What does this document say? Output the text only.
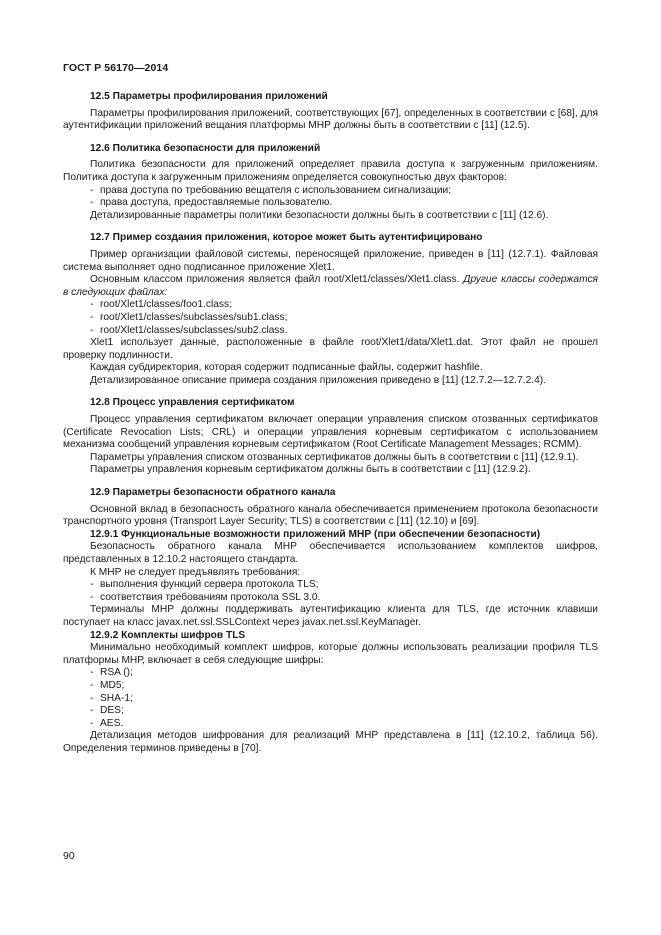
ГОСТ Р 56170—2014
12.5 Параметры профилирования приложений

Параметры профилирования приложений, соответствующих [67], определенных в соответствии с [68], для аутентификации приложений вещания платформы МНР должны быть в соответствии с [11] (12.5).

12.6 Политика безопасности для приложений

Политика безопасности для приложений определяет правила доступа к загруженным приложениям. Политика доступа к загруженным приложениям определяется совокупностью двух факторов:

- права доступа по требованию вещателя с использованием сигнализации;
- права доступа, предоставляемые пользователю.

Детализированные параметры политики безопасности должны быть в соответствии с [11] (12.6).

12.7 Пример создания приложения, которое может быть аутентифицировано

Пример организации файловой системы, переносящей приложение, приведен в [11] (12.7.1). Файловая система выполняет одно подписанное приложение Xlet1.

Основным классом приложения является файл root/Xlet1/classes/Xlet1.class. Другие классы содержатся в следующих файлах:

- root/Xlet1/classes/foo1.class;
- root/Xlet1/classes/subclasses/sub1.class;
- root/Xlet1/classes/subclasses/sub2.class.

Xlet1 использует данные, расположенные в файле root/Xlet1/data/Xlet1.dat. Этот файл не прошел проверку подлинности.

Каждая субдиректория, которая содержит подписанные файлы, содержит hashfile.

Детализированное описание примера создания приложения приведено в [11] (12.7.2—12.7.2.4).

12.8 Процесс управления сертификатом

Процесс управления сертификатом включает операции управления списком отозванных сертификатов (Certificate Revocation Lists; CRL) и операции управления корневым сертификатом с использованием механизма сообщений управления корневым сертификатом (Root Certificate Management Messages; RCMM).

Параметры управления списком отозванных сертификатов должны быть в соответствии с [11] (12.9.1).

Параметры управления корневым сертификатом должны быть в соответствии с [11] (12.9.2).

12.9 Параметры безопасности обратного канала

Основной вклад в безопасность обратного канала обеспечивается применением протокола безопасности транспортного уровня (Transport Layer Security; TLS) в соответствии с [11] (12.10) и [69].

12.9.1 Функциональные возможности приложений МНР (при обеспечении безопасности)

Безопасность обратного канала МНР обеспечивается использованием комплектов шифров, представленных в 12.10.2 настоящего стандарта.

К МНР не следует предъявлять требования:

- выполнения функций сервера протокола TLS;
- соответствия требованиям протокола SSL 3.0.

Терминалы МНР должны поддерживать аутентификацию клиента для TLS, где источник клавиши поступает на класс javax.net.ssl.SSLContext через javax.net.ssl.KeyManager.

12.9.2 Комплекты шифров TLS

Минимально необходимый комплект шифров, которые должны использовать реализации профиля TLS платформы МНР, включает в себя следующие шифры:

- RSA ();
- MD5;
- SHA-1;
- DES;
- AES.

Детализация методов шифрования для реализаций МНР представлена в [11] (12.10.2, таблица 56). Определения терминов приведены в [70].

90
